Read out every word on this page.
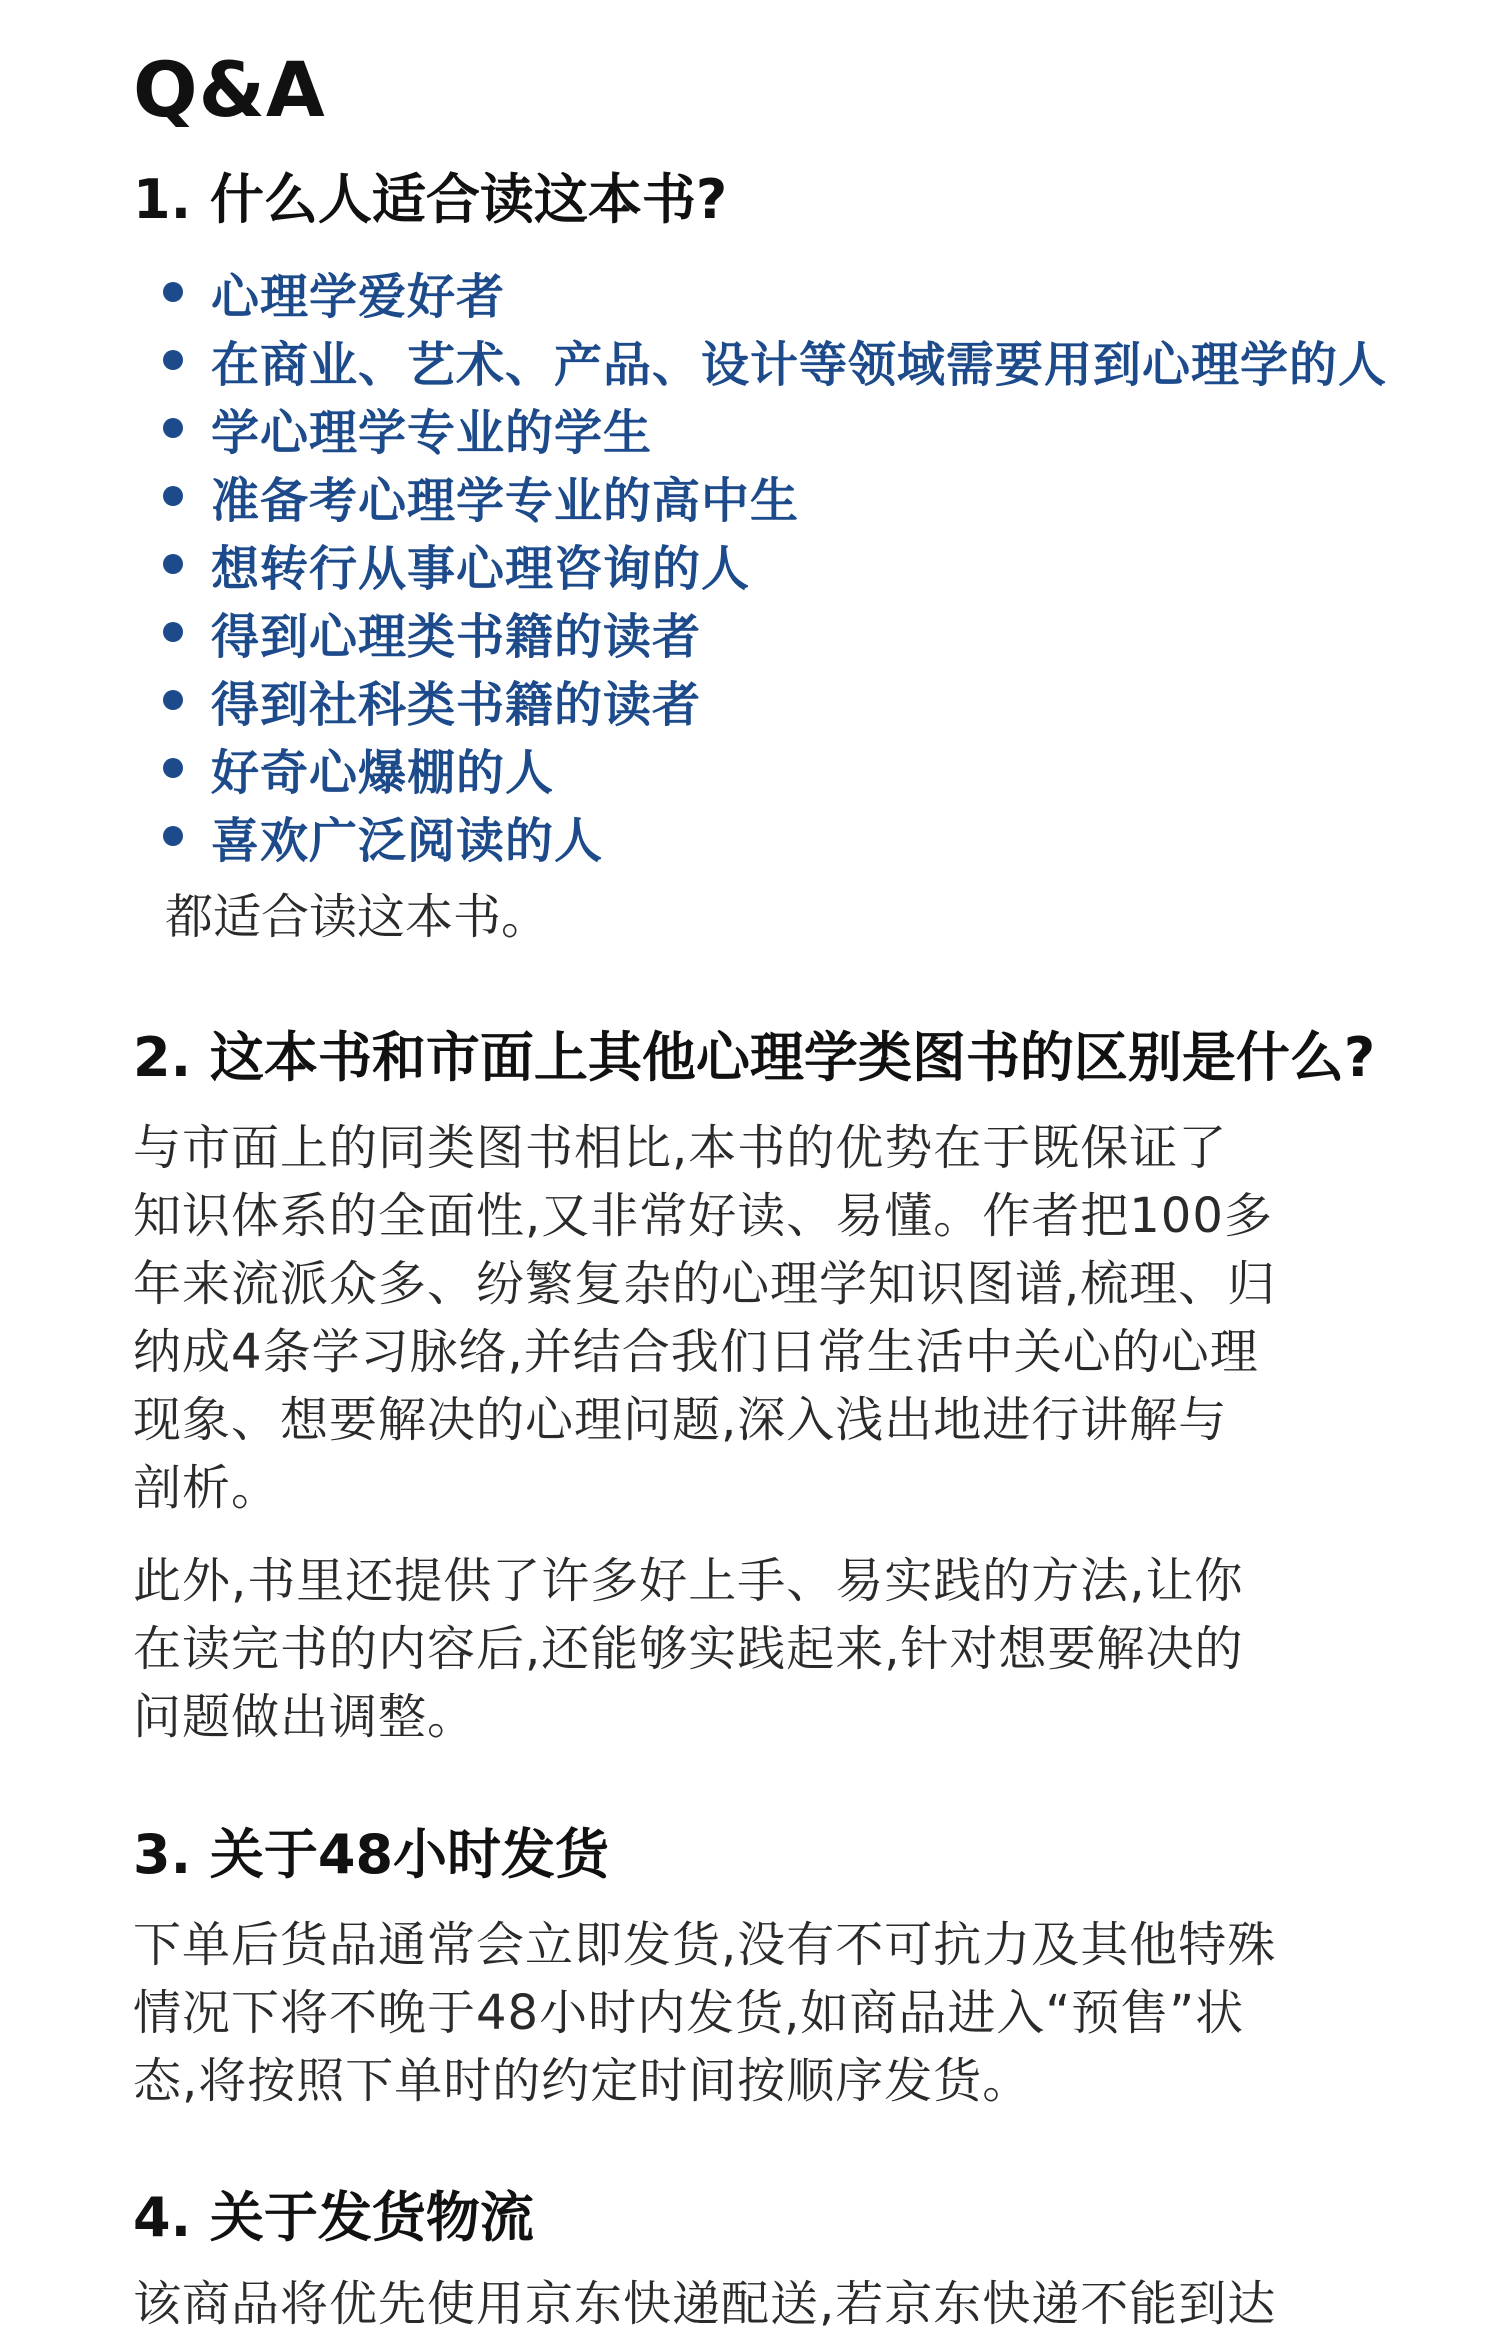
Q&A
1. 什么人适合读这本书?
心理学爱好者
在商业、艺术、产品、设计等领域需要用到心理学的人
学心理学专业的学生
准备考心理学专业的高中生
想转行从事心理咨询的人
得到心理类书籍的读者
得到社科类书籍的读者
好奇心爆棚的人
喜欢广泛阅读的人
都适合读这本书。
2. 这本书和市面上其他心理学类图书的区别是什么?
与市面上的同类图书相比,本书的优势在于既保证了
知识体系的全面性,又非常好读、易懂。作者把100多
年来流派众多、纷繁复杂的心理学知识图谱,梳理、归
纳成4条学习脉络,并结合我们日常生活中关心的心理
现象、想要解决的心理问题,深入浅出地进行讲解与
剖析。
此外,书里还提供了许多好上手、易实践的方法,让你
在读完书的内容后,还能够实践起来,针对想要解决的
问题做出调整。
3. 关于48小时发货
下单后货品通常会立即发货,没有不可抗力及其他特殊
情况下将不晚于48小时内发货,如商品进入“预售”状
态,将按照下单时的约定时间按顺序发货。
4. 关于发货物流
该商品将优先使用京东快递配送,若京东快递不能到达
